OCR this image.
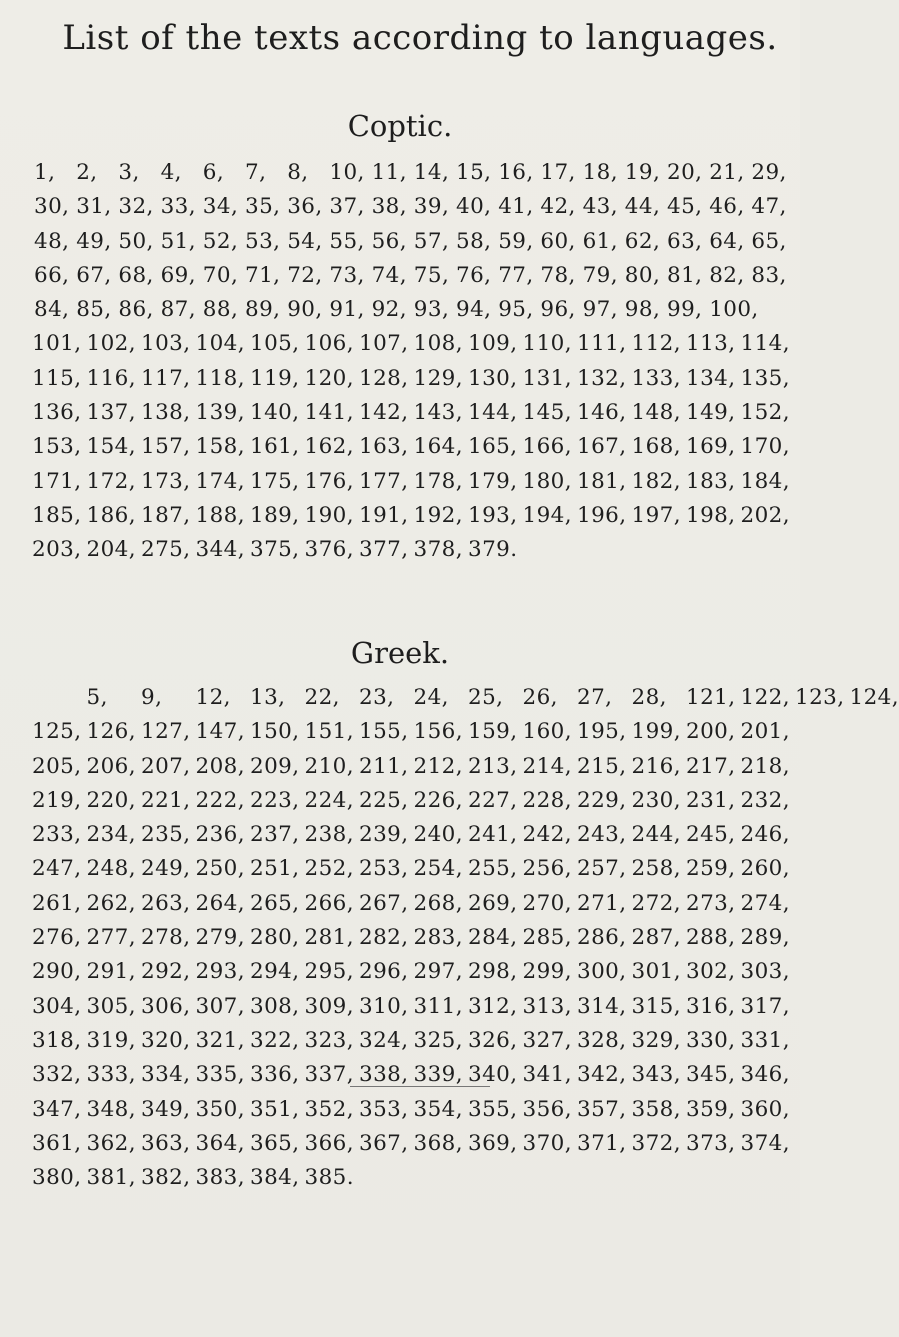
List of the texts according to languages.
Coptic.
1, 2, 3, 4, 6, 7, 8, 10, 11, 14, 15, 16, 17, 18, 19, 20, 21, 29,
30, 31, 32, 33, 34, 35, 36, 37, 38, 39, 40, 41, 42, 43, 44, 45, 46, 47,
48, 49, 50, 51, 52, 53, 54, 55, 56, 57, 58, 59, 60, 61, 62, 63, 64, 65,
66, 67, 68, 69, 70, 71, 72, 73, 74, 75, 76, 77, 78, 79, 80, 81, 82, 83,
84, 85, 86, 87, 88, 89, 90, 91, 92, 93, 94, 95, 96, 97, 98, 99, 100,
101, 102, 103, 104, 105, 106, 107, 108, 109, 110, 111, 112, 113, 114,
115, 116, 117, 118, 119, 120, 128, 129, 130, 131, 132, 133, 134, 135,
136, 137, 138, 139, 140, 141, 142, 143, 144, 145, 146, 148, 149, 152,
153, 154, 157, 158, 161, 162, 163, 164, 165, 166, 167, 168, 169, 170,
171, 172, 173, 174, 175, 176, 177, 178, 179, 180, 181, 182, 183, 184,
185, 186, 187, 188, 189, 190, 191, 192, 193, 194, 196, 197, 198, 202,
203, 204, 275, 344, 375, 376, 377, 378, 379.
Greek.
5, 9, 12, 13, 22, 23, 24, 25, 26, 27, 28, 121, 122, 123, 124,
125, 126, 127, 147, 150, 151, 155, 156, 159, 160, 195, 199, 200, 201,
205, 206, 207, 208, 209, 210, 211, 212, 213, 214, 215, 216, 217, 218,
219, 220, 221, 222, 223, 224, 225, 226, 227, 228, 229, 230, 231, 232,
233, 234, 235, 236, 237, 238, 239, 240, 241, 242, 243, 244, 245, 246,
247, 248, 249, 250, 251, 252, 253, 254, 255, 256, 257, 258, 259, 260,
261, 262, 263, 264, 265, 266, 267, 268, 269, 270, 271, 272, 273, 274,
276, 277, 278, 279, 280, 281, 282, 283, 284, 285, 286, 287, 288, 289,
290, 291, 292, 293, 294, 295, 296, 297, 298, 299, 300, 301, 302, 303,
304, 305, 306, 307, 308, 309, 310, 311, 312, 313, 314, 315, 316, 317,
318, 319, 320, 321, 322, 323, 324, 325, 326, 327, 328, 329, 330, 331,
332, 333, 334, 335, 336, 337, 338, 339, 340, 341, 342, 343, 345, 346,
347, 348, 349, 350, 351, 352, 353, 354, 355, 356, 357, 358, 359, 360,
361, 362, 363, 364, 365, 366, 367, 368, 369, 370, 371, 372, 373, 374,
380, 381, 382, 383, 384, 385.
